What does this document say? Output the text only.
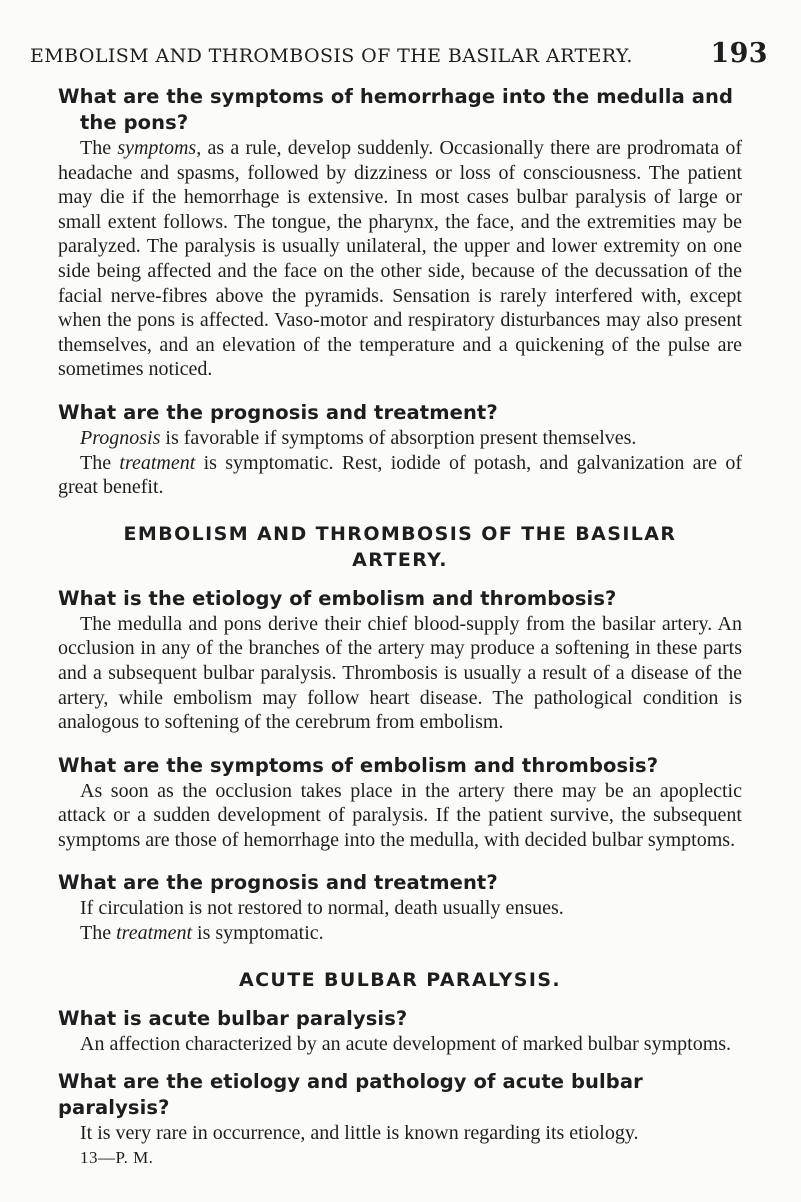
EMBOLISM AND THROMBOSIS OF THE BASILAR ARTERY.	193
What are the symptoms of hemorrhage into the medulla and
the pons?

The symptoms, as a rule, develop suddenly. Occasionally there are prodromata of headache and spasms, followed by dizziness or loss of consciousness. The patient may die if the hemorrhage is extensive. In most cases bulbar paralysis of large or small extent follows. The tongue, the pharynx, the face, and the extremities may be paralyzed. The paralysis is usually unilateral, the upper and lower extremity on one side being affected and the face on the other side, because of the decussation of the facial nerve-fibres above the pyramids. Sensation is rarely interfered with, except when the pons is affected. Vaso-motor and respiratory disturbances may also present themselves, and an elevation of the temperature and a quickening of the pulse are sometimes noticed.

What are the prognosis and treatment?

Prognosis is favorable if symptoms of absorption present themselves.

The treatment is symptomatic. Rest, iodide of potash, and galvanization are of great benefit.

EMBOLISM AND THROMBOSIS OF THE BASILAR
ARTERY.
What is the etiology of embolism and thrombosis?

The medulla and pons derive their chief blood-supply from the basilar artery. An occlusion in any of the branches of the artery may produce a softening in these parts and a subsequent bulbar paralysis. Thrombosis is usually a result of a disease of the artery, while embolism may follow heart disease. The pathological condition is analogous to softening of the cerebrum from embolism.

What are the symptoms of embolism and thrombosis?

As soon as the occlusion takes place in the artery there may be an apoplectic attack or a sudden development of paralysis. If the patient survive, the subsequent symptoms are those of hemorrhage into the medulla, with decided bulbar symptoms.

What are the prognosis and treatment?

If circulation is not restored to normal, death usually ensues.

The treatment is symptomatic.

ACUTE BULBAR PARALYSIS.
What is acute bulbar paralysis?

An affection characterized by an acute development of marked bulbar symptoms.

What are the etiology and pathology of acute bulbar paralysis?

It is very rare in occurrence, and little is known regarding its etiology.

13—P. M.
